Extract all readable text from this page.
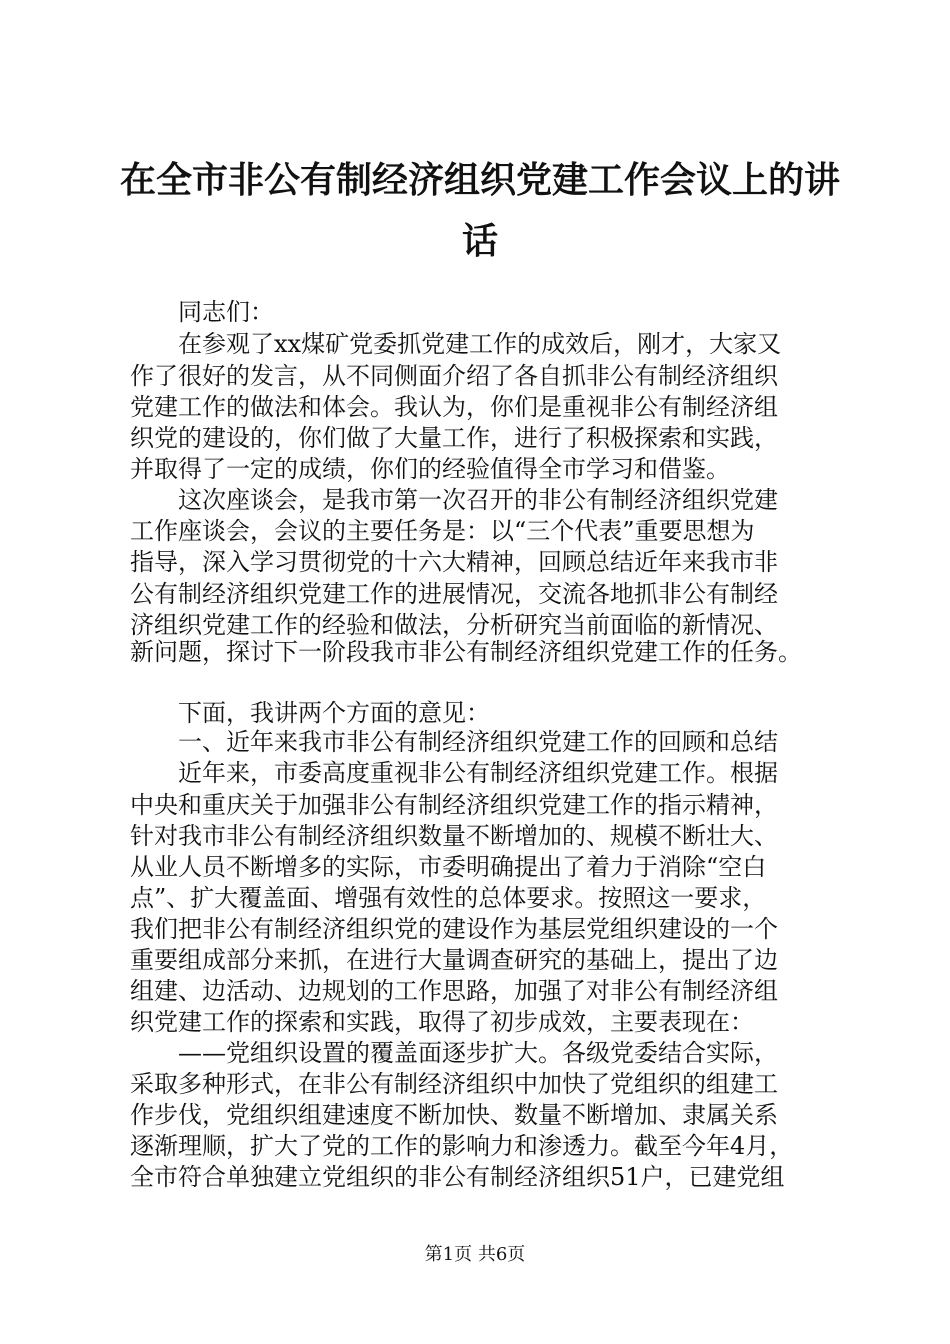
在全市非公有制经济组织党建工作会议上的讲
话
　　同志们：
　　在参观了xx煤矿党委抓党建工作的成效后，刚才，大家又
作了很好的发言，从不同侧面介绍了各自抓非公有制经济组织
党建工作的做法和体会。我认为，你们是重视非公有制经济组
织党的建设的，你们做了大量工作，进行了积极探索和实践，
并取得了一定的成绩，你们的经验值得全市学习和借鉴。
　　这次座谈会，是我市第一次召开的非公有制经济组织党建
工作座谈会，会议的主要任务是：以“三个代表”重要思想为
指导，深入学习贯彻党的十六大精神，回顾总结近年来我市非
公有制经济组织党建工作的进展情况，交流各地抓非公有制经
济组织党建工作的经验和做法，分析研究当前面临的新情况、
新问题，探讨下一阶段我市非公有制经济组织党建工作的任务。
　　下面，我讲两个方面的意见：
　　一、近年来我市非公有制经济组织党建工作的回顾和总结
　　近年来，市委高度重视非公有制经济组织党建工作。根据
中央和重庆关于加强非公有制经济组织党建工作的指示精神，
针对我市非公有制经济组织数量不断增加的、规模不断壮大、
从业人员不断增多的实际，市委明确提出了着力于消除“空白
点”、扩大覆盖面、增强有效性的总体要求。按照这一要求，
我们把非公有制经济组织党的建设作为基层党组织建设的一个
重要组成部分来抓，在进行大量调查研究的基础上，提出了边
组建、边活动、边规划的工作思路，加强了对非公有制经济组
织党建工作的探索和实践，取得了初步成效，主要表现在：
　　——党组织设置的覆盖面逐步扩大。各级党委结合实际，
采取多种形式，在非公有制经济组织中加快了党组织的组建工
作步伐，党组织组建速度不断加快、数量不断增加、隶属关系
逐渐理顺，扩大了党的工作的影响力和渗透力。截至今年4月，
全市符合单独建立党组织的非公有制经济组织51户，已建党组
第1页 共6页
